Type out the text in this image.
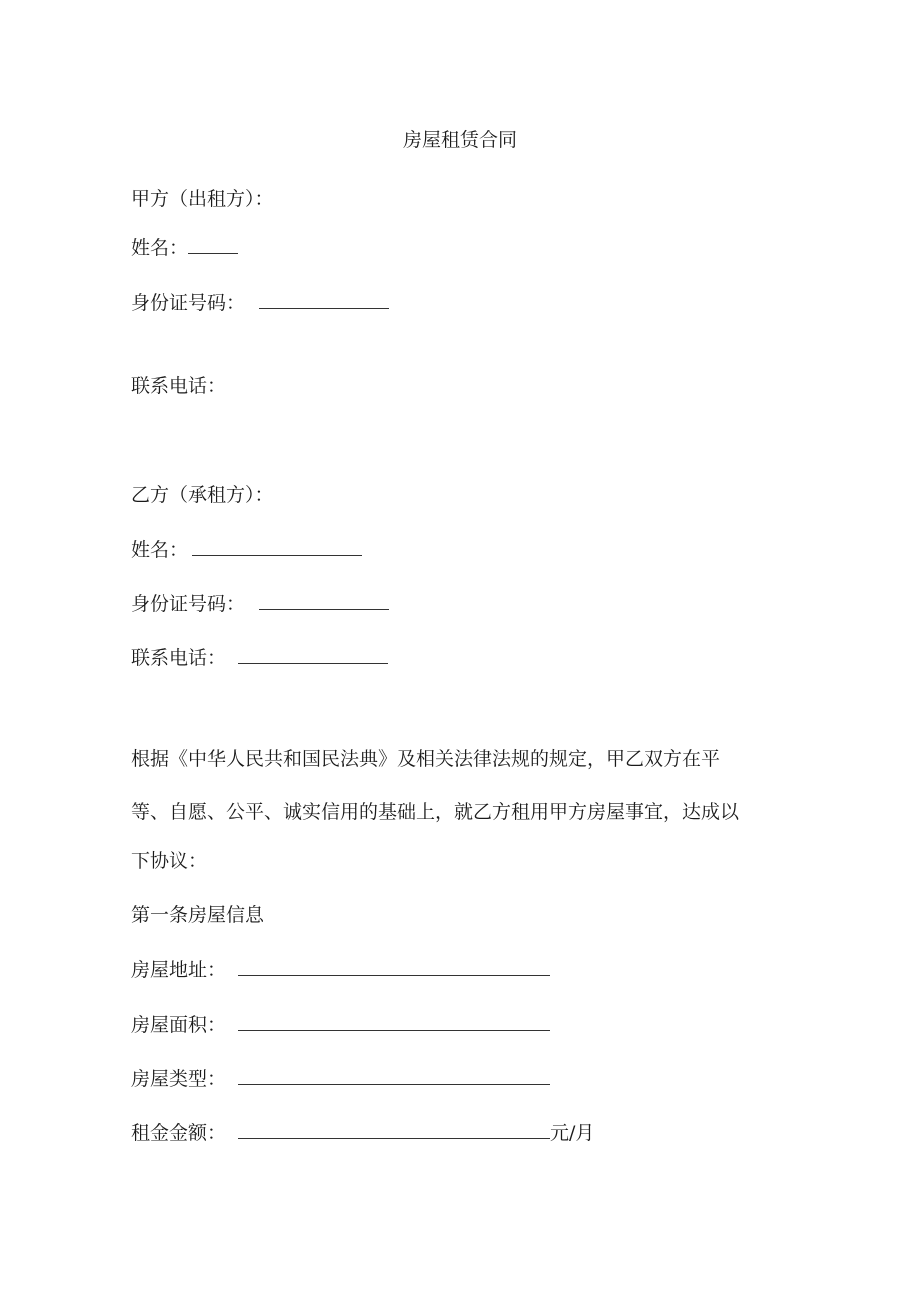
房屋租赁合同
甲方（出租方）：
姓名：
身份证号码：
联系电话：
乙方（承租方）：
姓名：
身份证号码：
联系电话：
根据《中华人民共和国民法典》及相关法律法规的规定，甲乙双方在平
等、自愿、公平、诚实信用的基础上，就乙方租用甲方房屋事宜，达成以
下协议：
第一条房屋信息
房屋地址：
房屋面积：
房屋类型：
租金金额：	元/月
